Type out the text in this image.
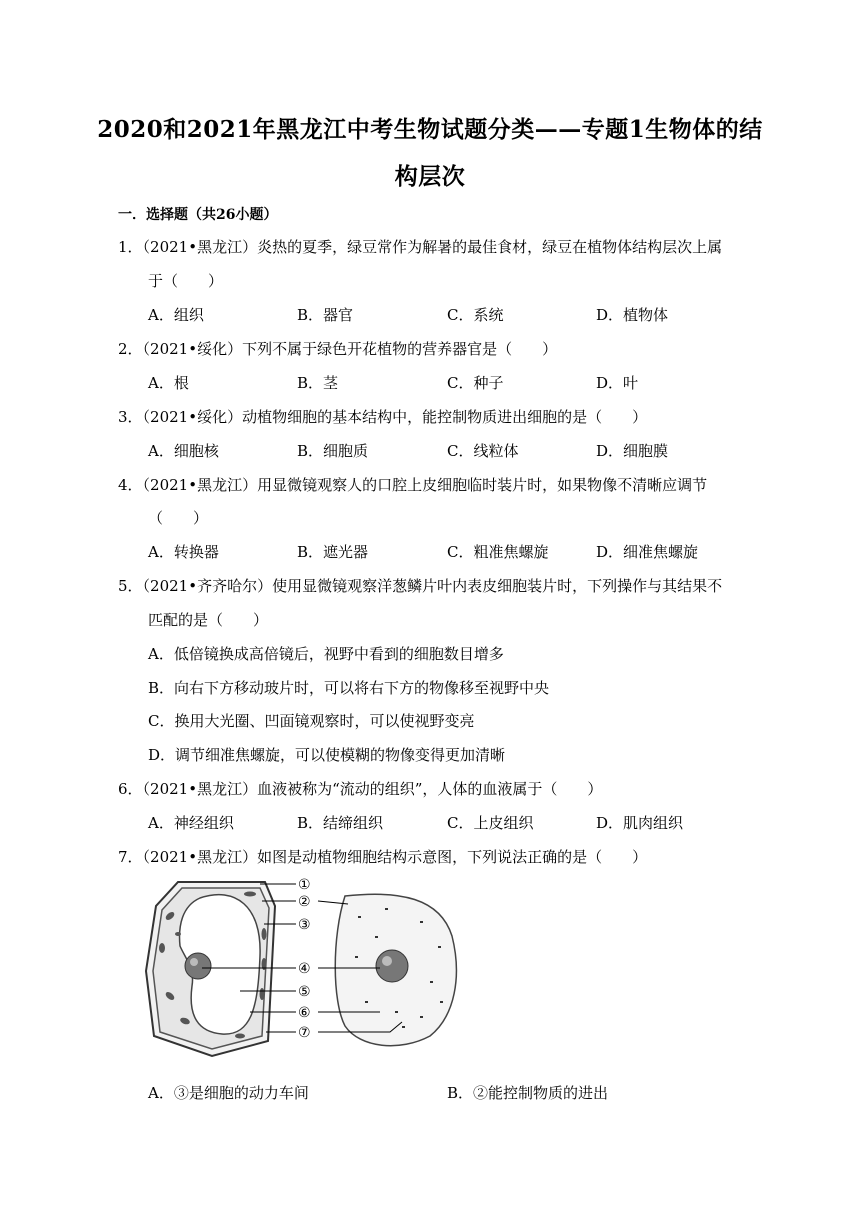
2020和2021年黑龙江中考生物试题分类——专题1生物体的结
构层次
一．选择题（共26小题）
1．（2021•黑龙江）炎热的夏季，绿豆常作为解暑的最佳食材，绿豆在植物体结构层次上属
于（　　）
A．组织	B．器官	C．系统	D．植物体
2．（2021•绥化）下列不属于绿色开花植物的营养器官是（　　）
A．根	B．茎	C．种子	D．叶
3．（2021•绥化）动植物细胞的基本结构中，能控制物质进出细胞的是（　　）
A．细胞核	B．细胞质	C．线粒体	D．细胞膜
4．（2021•黑龙江）用显微镜观察人的口腔上皮细胞临时装片时，如果物像不清晰应调节
（　　）
A．转换器	B．遮光器	C．粗准焦螺旋	D．细准焦螺旋
5．（2021•齐齐哈尔）使用显微镜观察洋葱鳞片叶内表皮细胞装片时，下列操作与其结果不
匹配的是（　　）
A．低倍镜换成高倍镜后，视野中看到的细胞数目增多
B．向右下方移动玻片时，可以将右下方的物像移至视野中央
C．换用大光圈、凹面镜观察时，可以使视野变亮
D．调节细准焦螺旋，可以使模糊的物像变得更加清晰
6．（2021•黑龙江）血液被称为“流动的组织”，人体的血液属于（　　）
A．神经组织	B．结缔组织	C．上皮组织	D．肌肉组织
7．（2021•黑龙江）如图是动植物细胞结构示意图，下列说法正确的是（　　）
①
②
③
④
⑤
⑥
⑦
A．③是细胞的动力车间	B．②能控制物质的进出
